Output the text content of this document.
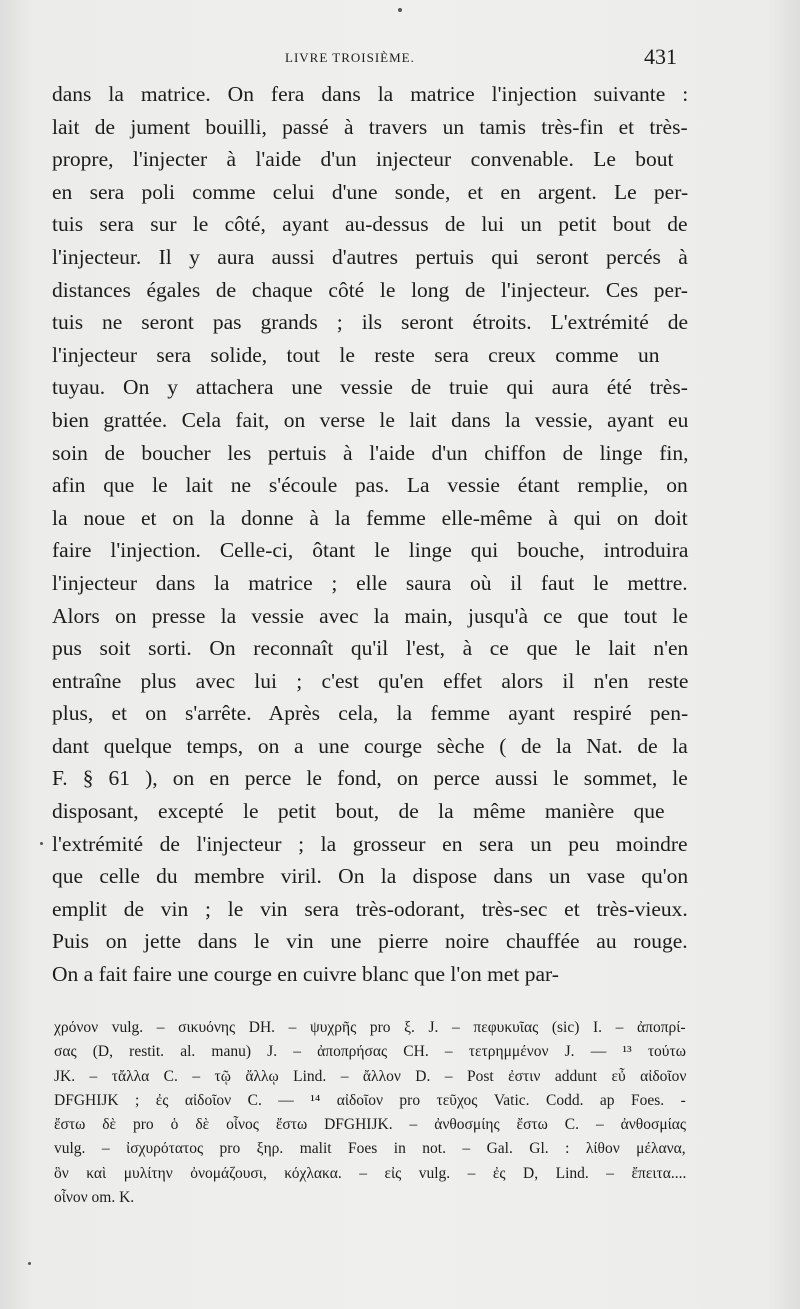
LIVRE TROISIÈME.	431
dans la matrice. On fera dans la matrice l'injection suivante :
lait de jument bouilli, passé à travers un tamis très-fin et très-
propre, l'injecter à l'aide d'un injecteur convenable. Le bout
en sera poli comme celui d'une sonde, et en argent. Le per-
tuis sera sur le côté, ayant au-dessus de lui un petit bout de
l'injecteur. Il y aura aussi d'autres pertuis qui seront percés à
distances égales de chaque côté le long de l'injecteur. Ces per-
tuis ne seront pas grands ; ils seront étroits. L'extrémité de
l'injecteur sera solide, tout le reste sera creux comme un
tuyau. On y attachera une vessie de truie qui aura été très-
bien grattée. Cela fait, on verse le lait dans la vessie, ayant eu
soin de boucher les pertuis à l'aide d'un chiffon de linge fin,
afin que le lait ne s'écoule pas. La vessie étant remplie, on
la noue et on la donne à la femme elle-même à qui on doit
faire l'injection. Celle-ci, ôtant le linge qui bouche, introduira
l'injecteur dans la matrice ; elle saura où il faut le mettre.
Alors on presse la vessie avec la main, jusqu'à ce que tout le
pus soit sorti. On reconnaît qu'il l'est, à ce que le lait n'en
entraîne plus avec lui ; c'est qu'en effet alors il n'en reste
plus, et on s'arrête. Après cela, la femme ayant respiré pen-
dant quelque temps, on a une courge sèche ( de la Nat. de la
F. § 61 ), on en perce le fond, on perce aussi le sommet, le
disposant, excepté le petit bout, de la même manière que
l'extrémité de l'injecteur ; la grosseur en sera un peu moindre
que celle du membre viril. On la dispose dans un vase qu'on
emplit de vin ; le vin sera très-odorant, très-sec et très-vieux.
Puis on jette dans le vin une pierre noire chauffée au rouge.
On a fait faire une courge en cuivre blanc que l'on met par-
χρόνον vulg. – σικυόνης DH. – ψυχρῆς pro ξ. J. – πεφυκυῖας (sic) I. – ἀποπρί-
σας (D, restit. al. manu) J. – ἀποπρήσας CH. – τετρημμένον J. — ¹³ τούτω
JK. – τἄλλα C. – τῷ ἄλλῳ Lind. – ἄλλον D. – Post ἐστιν addunt εὖ αἰδοῖον
DFGHIJK ; ἐς αἰδοῖον C. — ¹⁴ αἰδοῖον pro τεῦχος Vatic. Codd. ap Foes. -
ἔστω δὲ pro ὁ δὲ οἶνος ἔστω DFGHIJK. – ἀνθοσμίης ἔστω C. – ἀνθοσμίας
vulg. – ἰσχυρότατος pro ξηρ. malit Foes in not. – Gal. Gl. : λίθον μέλανα,
ὃν καὶ μυλίτην ὀνομάζουσι, κόχλακα. – εἰς vulg. – ἐς D, Lind. – ἔπειτα....
οἶνον om. K.
